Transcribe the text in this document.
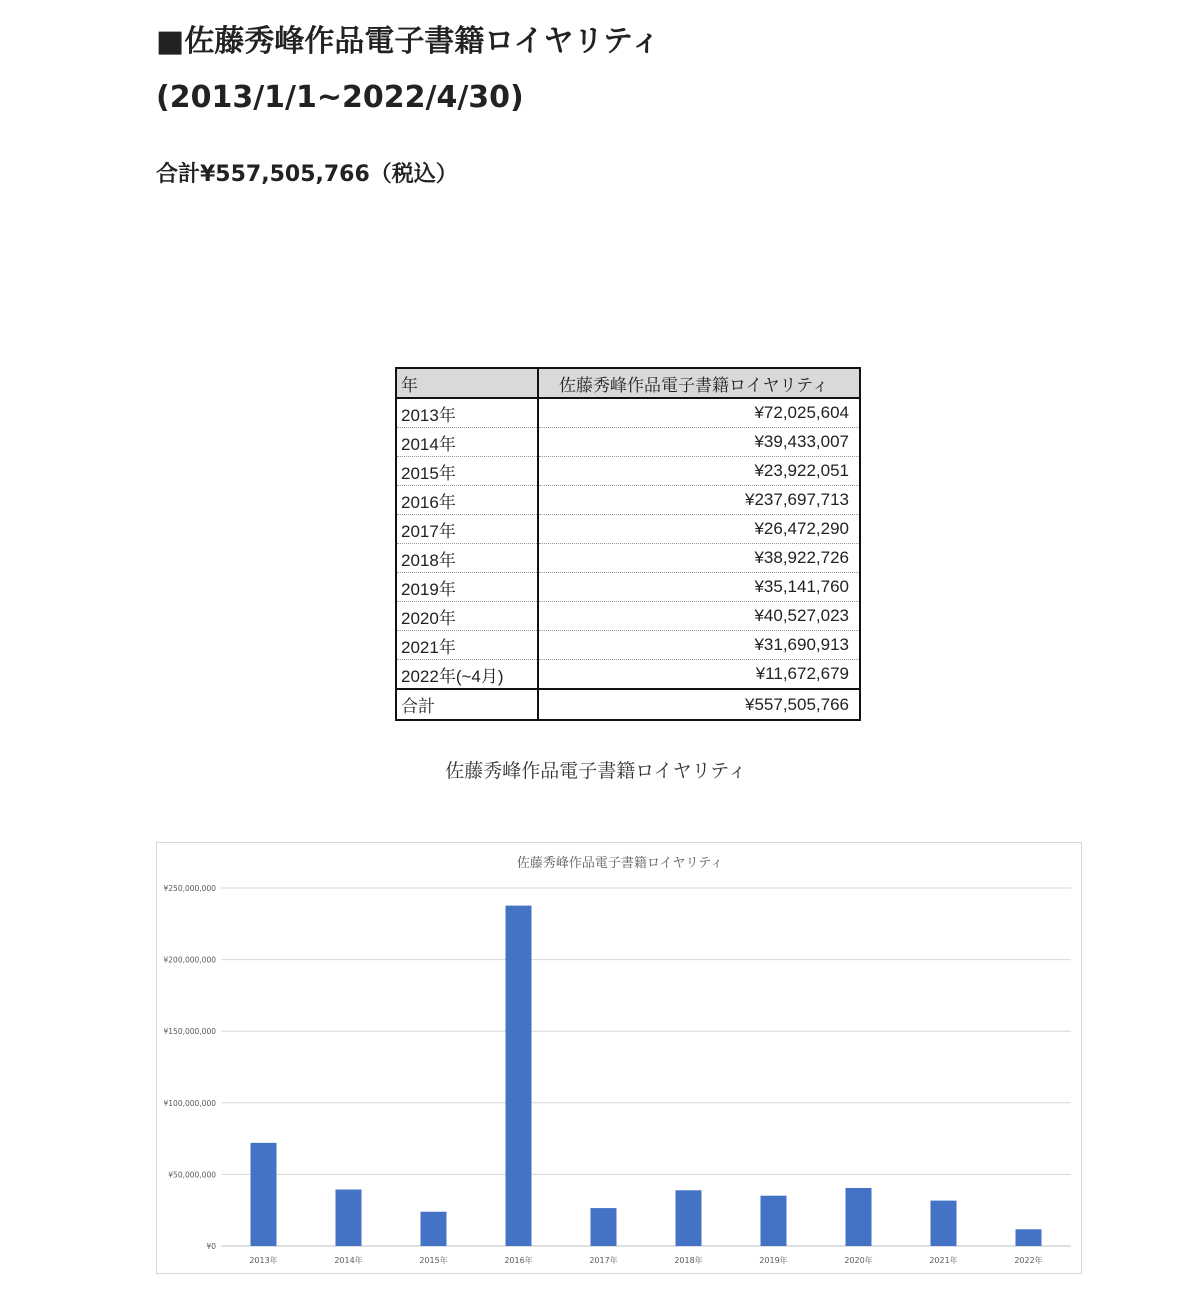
■佐藤秀峰作品電子書籍ロイヤリティ
(2013/1/1~2022/4/30)

合計¥557,505,766（税込）

年	佐藤秀峰作品電子書籍ロイヤリティ
2013年	¥72,025,604
2014年	¥39,433,007
2015年	¥23,922,051
2016年	¥237,697,713
2017年	¥26,472,290
2018年	¥38,922,726
2019年	¥35,141,760
2020年	¥40,527,023
2021年	¥31,690,913
2022年(~4月)	¥11,672,679
合計	¥557,505,766
佐藤秀峰作品電子書籍ロイヤリティ
佐藤秀峰作品電子書籍ロイヤリティ
¥0
¥50,000,000
¥100,000,000
¥150,000,000
¥200,000,000
¥250,000,000
2013年	2014年	2015年	2016年	2017年	2018年	2019年	2020年	2021年	2022年
